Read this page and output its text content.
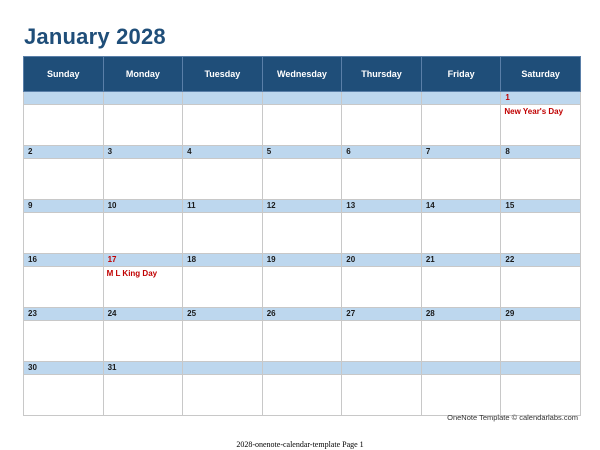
January 2028
Sunday	Monday	Tuesday	Wednesday	Thursday	Friday	Saturday
						1

						New Year's Day

2	3	4	5	6	7	8

9	10	11	12	13	14	15

16	17	18	19	20	21	22

	M L King Day					

23	24	25	26	27	28	29

30	31					

OneNote Template © calendarlabs.com
2028-onenote-calendar-template Page 1
